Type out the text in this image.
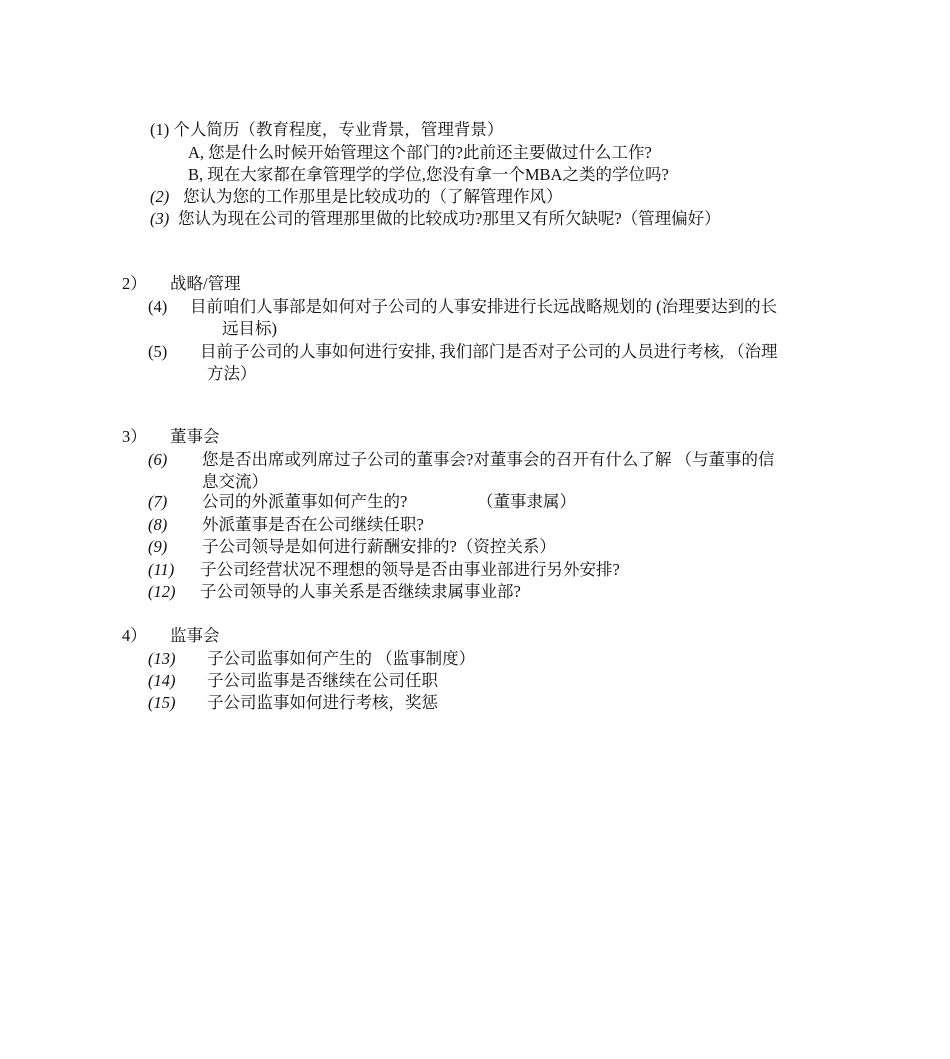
(1) 个人简历（教育程度，专业背景，管理背景）
A, 您是什么时候开始管理这个部门的?此前还主要做过什么工作?
B, 现在大家都在拿管理学的学位,您没有拿一个MBA之类的学位吗?
(2) 您认为您的工作那里是比较成功的（了解管理作风）
(3) 您认为现在公司的管理那里做的比较成功?那里又有所欠缺呢?（管理偏好）
2） 战略/管理
(4) 目前咱们人事部是如何对子公司的人事安排进行长远战略规划的 (治理要达到的长
远目标)
(5) 目前子公司的人事如何进行安排, 我们部门是否对子公司的人员进行考核, （治理
方法）
3） 董事会
(6) 您是否出席或列席过子公司的董事会?对董事会的召开有什么了解 （与董事的信
息交流）
(7) 公司的外派董事如何产生的?	（董事隶属）
(8) 外派董事是否在公司继续任职?
(9) 子公司领导是如何进行薪酬安排的?（资控关系）
(11) 子公司经营状况不理想的领导是否由事业部进行另外安排?
(12) 子公司领导的人事关系是否继续隶属事业部?
4） 监事会
(13) 子公司监事如何产生的 （监事制度）
(14) 子公司监事是否继续在公司任职
(15) 子公司监事如何进行考核，奖惩
